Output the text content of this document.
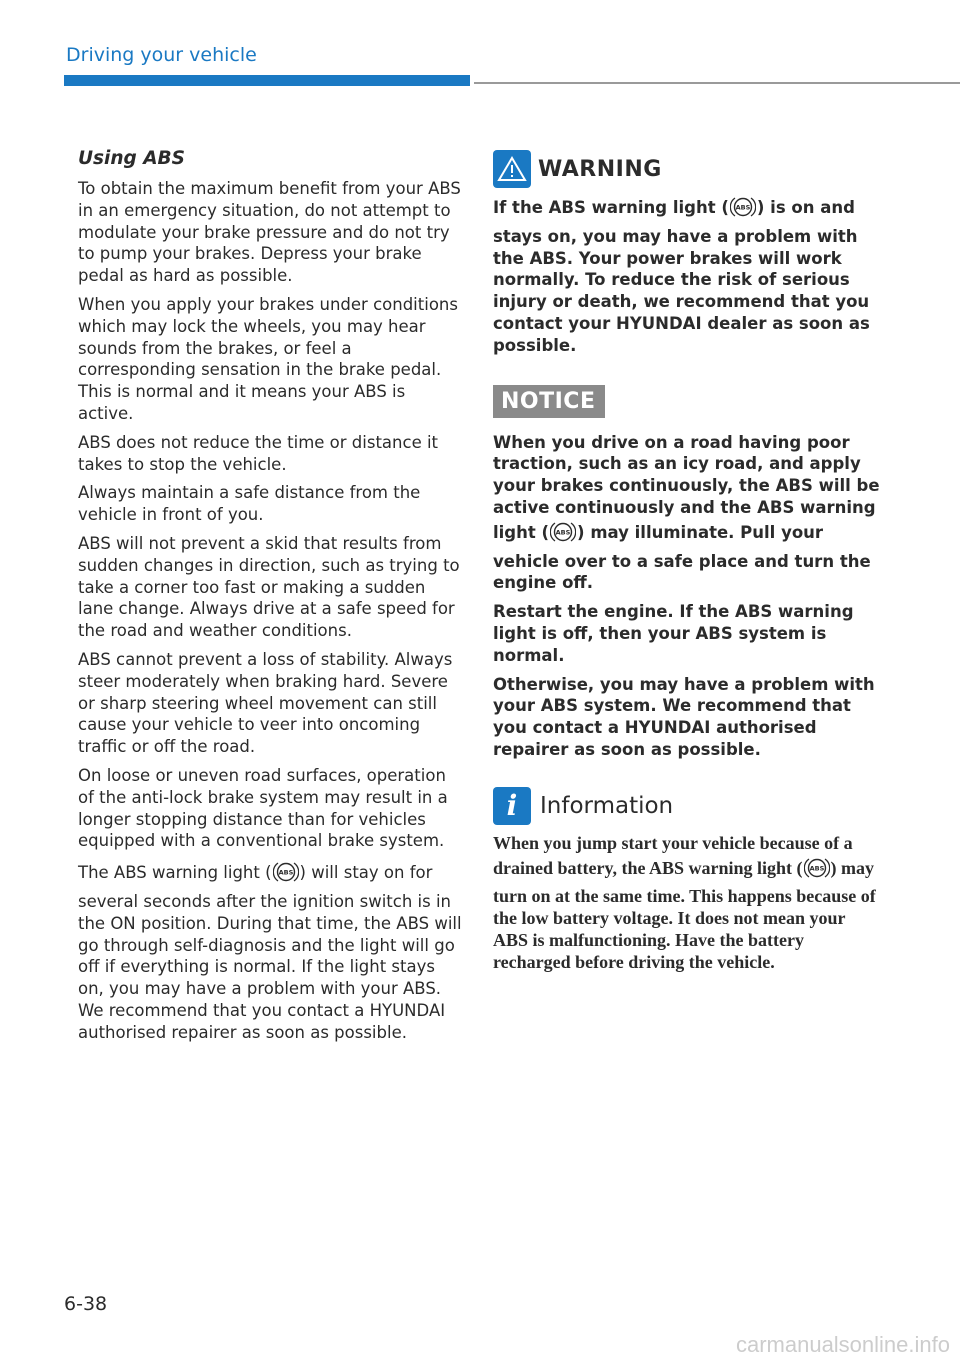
Driving your vehicle
Using ABS

To obtain the maximum benefit from your ABS in an emergency situation, do not attempt to modulate your brake pressure and do not try to pump your brakes. Depress your brake pedal as hard as possible.

When you apply your brakes under conditions which may lock the wheels, you may hear sounds from the brakes, or feel a corresponding sensation in the brake pedal. This is normal and it means your ABS is active.

ABS does not reduce the time or distance it takes to stop the vehicle.

Always maintain a safe distance from the vehicle in front of you.

ABS will not prevent a skid that results from sudden changes in direction, such as trying to take a corner too fast or making a sudden lane change. Always drive at a safe speed for the road and weather conditions.

ABS cannot prevent a loss of stability. Always steer moderately when braking hard. Severe or sharp steering wheel movement can still cause your vehicle to veer into oncoming traffic or off the road.

On loose or uneven road surfaces, operation of the anti-lock brake system may result in a longer stopping distance than for vehicles equipped with a conventional brake system.

The ABS warning light ( ABS ) will stay on for several seconds after the ignition switch is in the ON position. During that time, the ABS will go through self-diagnosis and the light will go off if everything is normal. If the light stays on, you may have a problem with your ABS. We recommend that you contact a HYUNDAI authorised repairer as soon as possible.

WARNING

If the ABS warning light ( ABS ) is on and stays on, you may have a problem with the ABS. Your power brakes will work normally. To reduce the risk of serious injury or death, we recommend that you contact your HYUNDAI dealer as soon as possible.

NOTICE

When you drive on a road having poor traction, such as an icy road, and apply your brakes continuously, the ABS will be active continuously and the ABS warning light ( ABS ) may illuminate. Pull your vehicle over to a safe place and turn the engine off.

Restart the engine. If the ABS warning light is off, then your ABS system is normal.

Otherwise, you may have a problem with your ABS system. We recommend that you contact a HYUNDAI authorised repairer as soon as possible.

i Information

When you jump start your vehicle because of a drained battery, the ABS warning light ( ABS ) may turn on at the same time. This happens because of the low battery voltage. It does not mean your ABS is malfunctioning. Have the battery recharged before driving the vehicle.

6-38
carmanualsonline.info
